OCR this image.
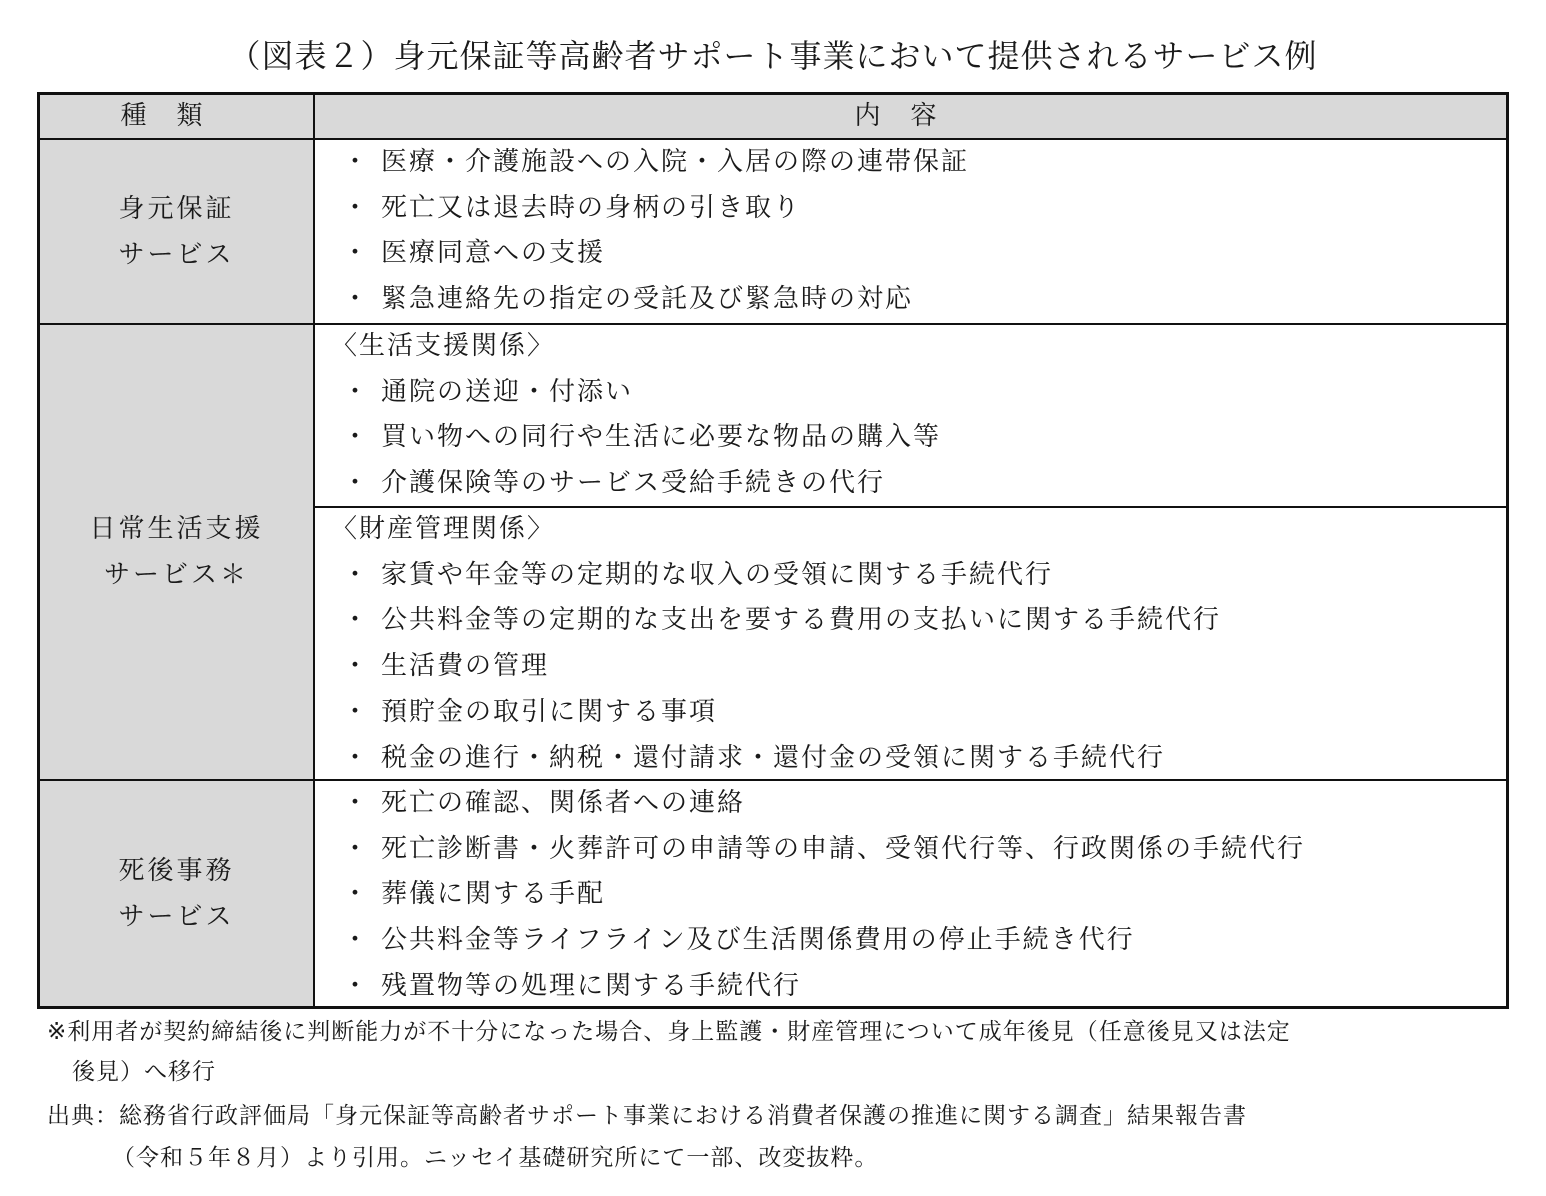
（図表２）身元保証等高齢者サポート事業において提供されるサービス例
種類	内容
身元保証
サービス
・ 医療・介護施設への入院・入居の際の連帯保証
・ 死亡又は退去時の身柄の引き取り
・ 医療同意への支援
・ 緊急連絡先の指定の受託及び緊急時の対応
日常生活支援
サービス＊
〈生活支援関係〉
・ 通院の送迎・付添い
・ 買い物への同行や生活に必要な物品の購入等
・ 介護保険等のサービス受給手続きの代行
〈財産管理関係〉
・ 家賃や年金等の定期的な収入の受領に関する手続代行
・ 公共料金等の定期的な支出を要する費用の支払いに関する手続代行
・ 生活費の管理
・ 預貯金の取引に関する事項
・ 税金の進行・納税・還付請求・還付金の受領に関する手続代行
死後事務
サービス
・ 死亡の確認、関係者への連絡
・ 死亡診断書・火葬許可の申請等の申請、受領代行等、行政関係の手続代行
・ 葬儀に関する手配
・ 公共料金等ライフライン及び生活関係費用の停止手続き代行
・ 残置物等の処理に関する手続代行
※利用者が契約締結後に判断能力が不十分になった場合、身上監護・財産管理について成年後見（任意後見又は法定
後見）へ移行
出典：総務省行政評価局「身元保証等高齢者サポート事業における消費者保護の推進に関する調査」結果報告書
（令和５年８月）より引用。ニッセイ基礎研究所にて一部、改変抜粋。
